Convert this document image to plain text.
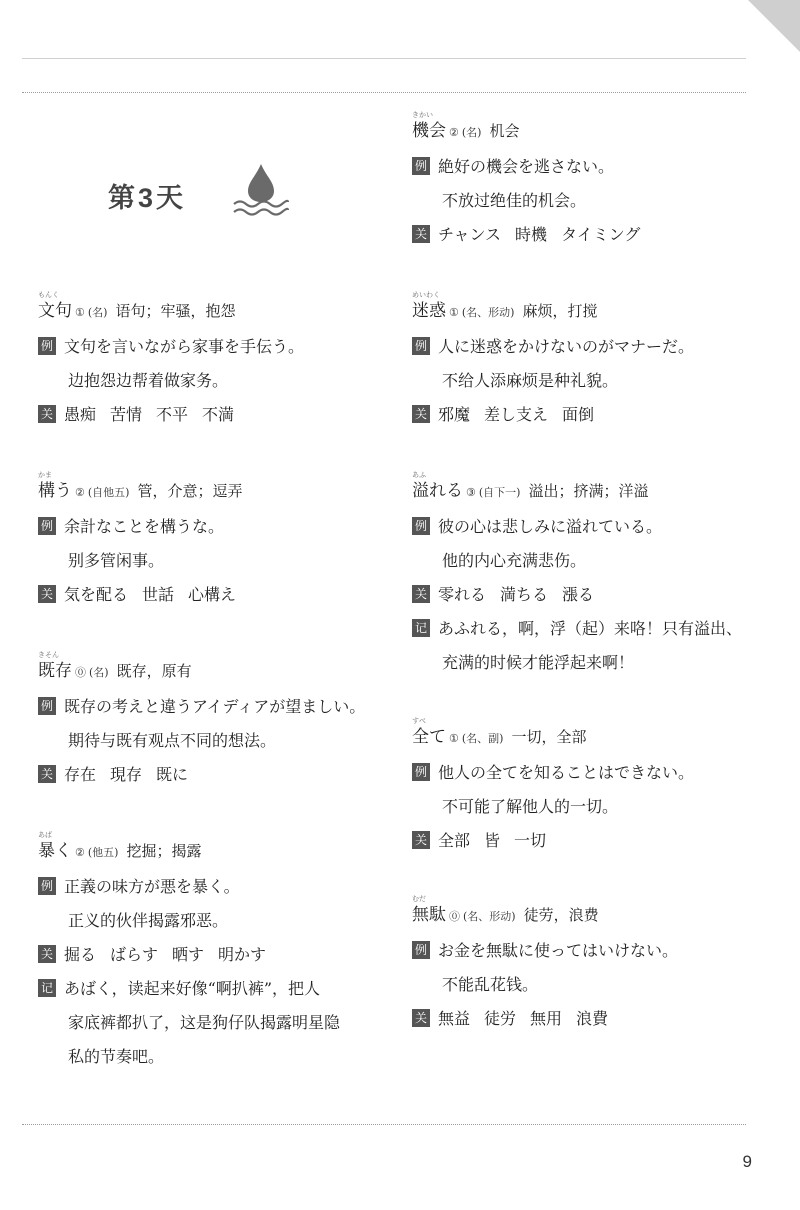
第3天
もんく
文句 ① (名) 语句；牢骚，抱怨
例 文句を言いながら家事を手伝う。
边抱怨边帮着做家务。
关 愚痴 苦情 不平 不満
かま
構う ② (自他五) 管，介意；逗弄
例 余計なことを構うな。
别多管闲事。
关 気を配る 世話 心構え
きそん
既存 ⓪ (名) 既存，原有
例 既存の考えと違うアイディアが望ましい。
期待与既有观点不同的想法。
关 存在 現存 既に
あば
暴く ② (他五) 挖掘；揭露
例 正義の味方が悪を暴く。
正义的伙伴揭露邪恶。
关 掘る ばらす 晒す 明かす
记 あばく，读起来好像“啊扒裤”，把人
家底裤都扒了，这是狗仔队揭露明星隐
私的节奏吧。
きかい
機会 ② (名) 机会
例 絶好の機会を逃さない。
不放过绝佳的机会。
关 チャンス 時機 タイミング
めいわく
迷惑 ① (名、形动) 麻烦，打搅
例 人に迷惑をかけないのがマナーだ。
不给人添麻烦是种礼貌。
关 邪魔 差し支え 面倒
あふ
溢れる ③ (自下一) 溢出；挤满；洋溢
例 彼の心は悲しみに溢れている。
他的内心充满悲伤。
关 零れる 満ちる 漲る
记 あふれる，啊，浮（起）来咯！只有溢出、
充满的时候才能浮起来啊！
すべ
全て ① (名、副) 一切，全部
例 他人の全てを知ることはできない。
不可能了解他人的一切。
关 全部 皆 一切
むだ
無駄 ⓪ (名、形动) 徒劳，浪费
例 お金を無駄に使ってはいけない。
不能乱花钱。
关 無益 徒労 無用 浪費
9
